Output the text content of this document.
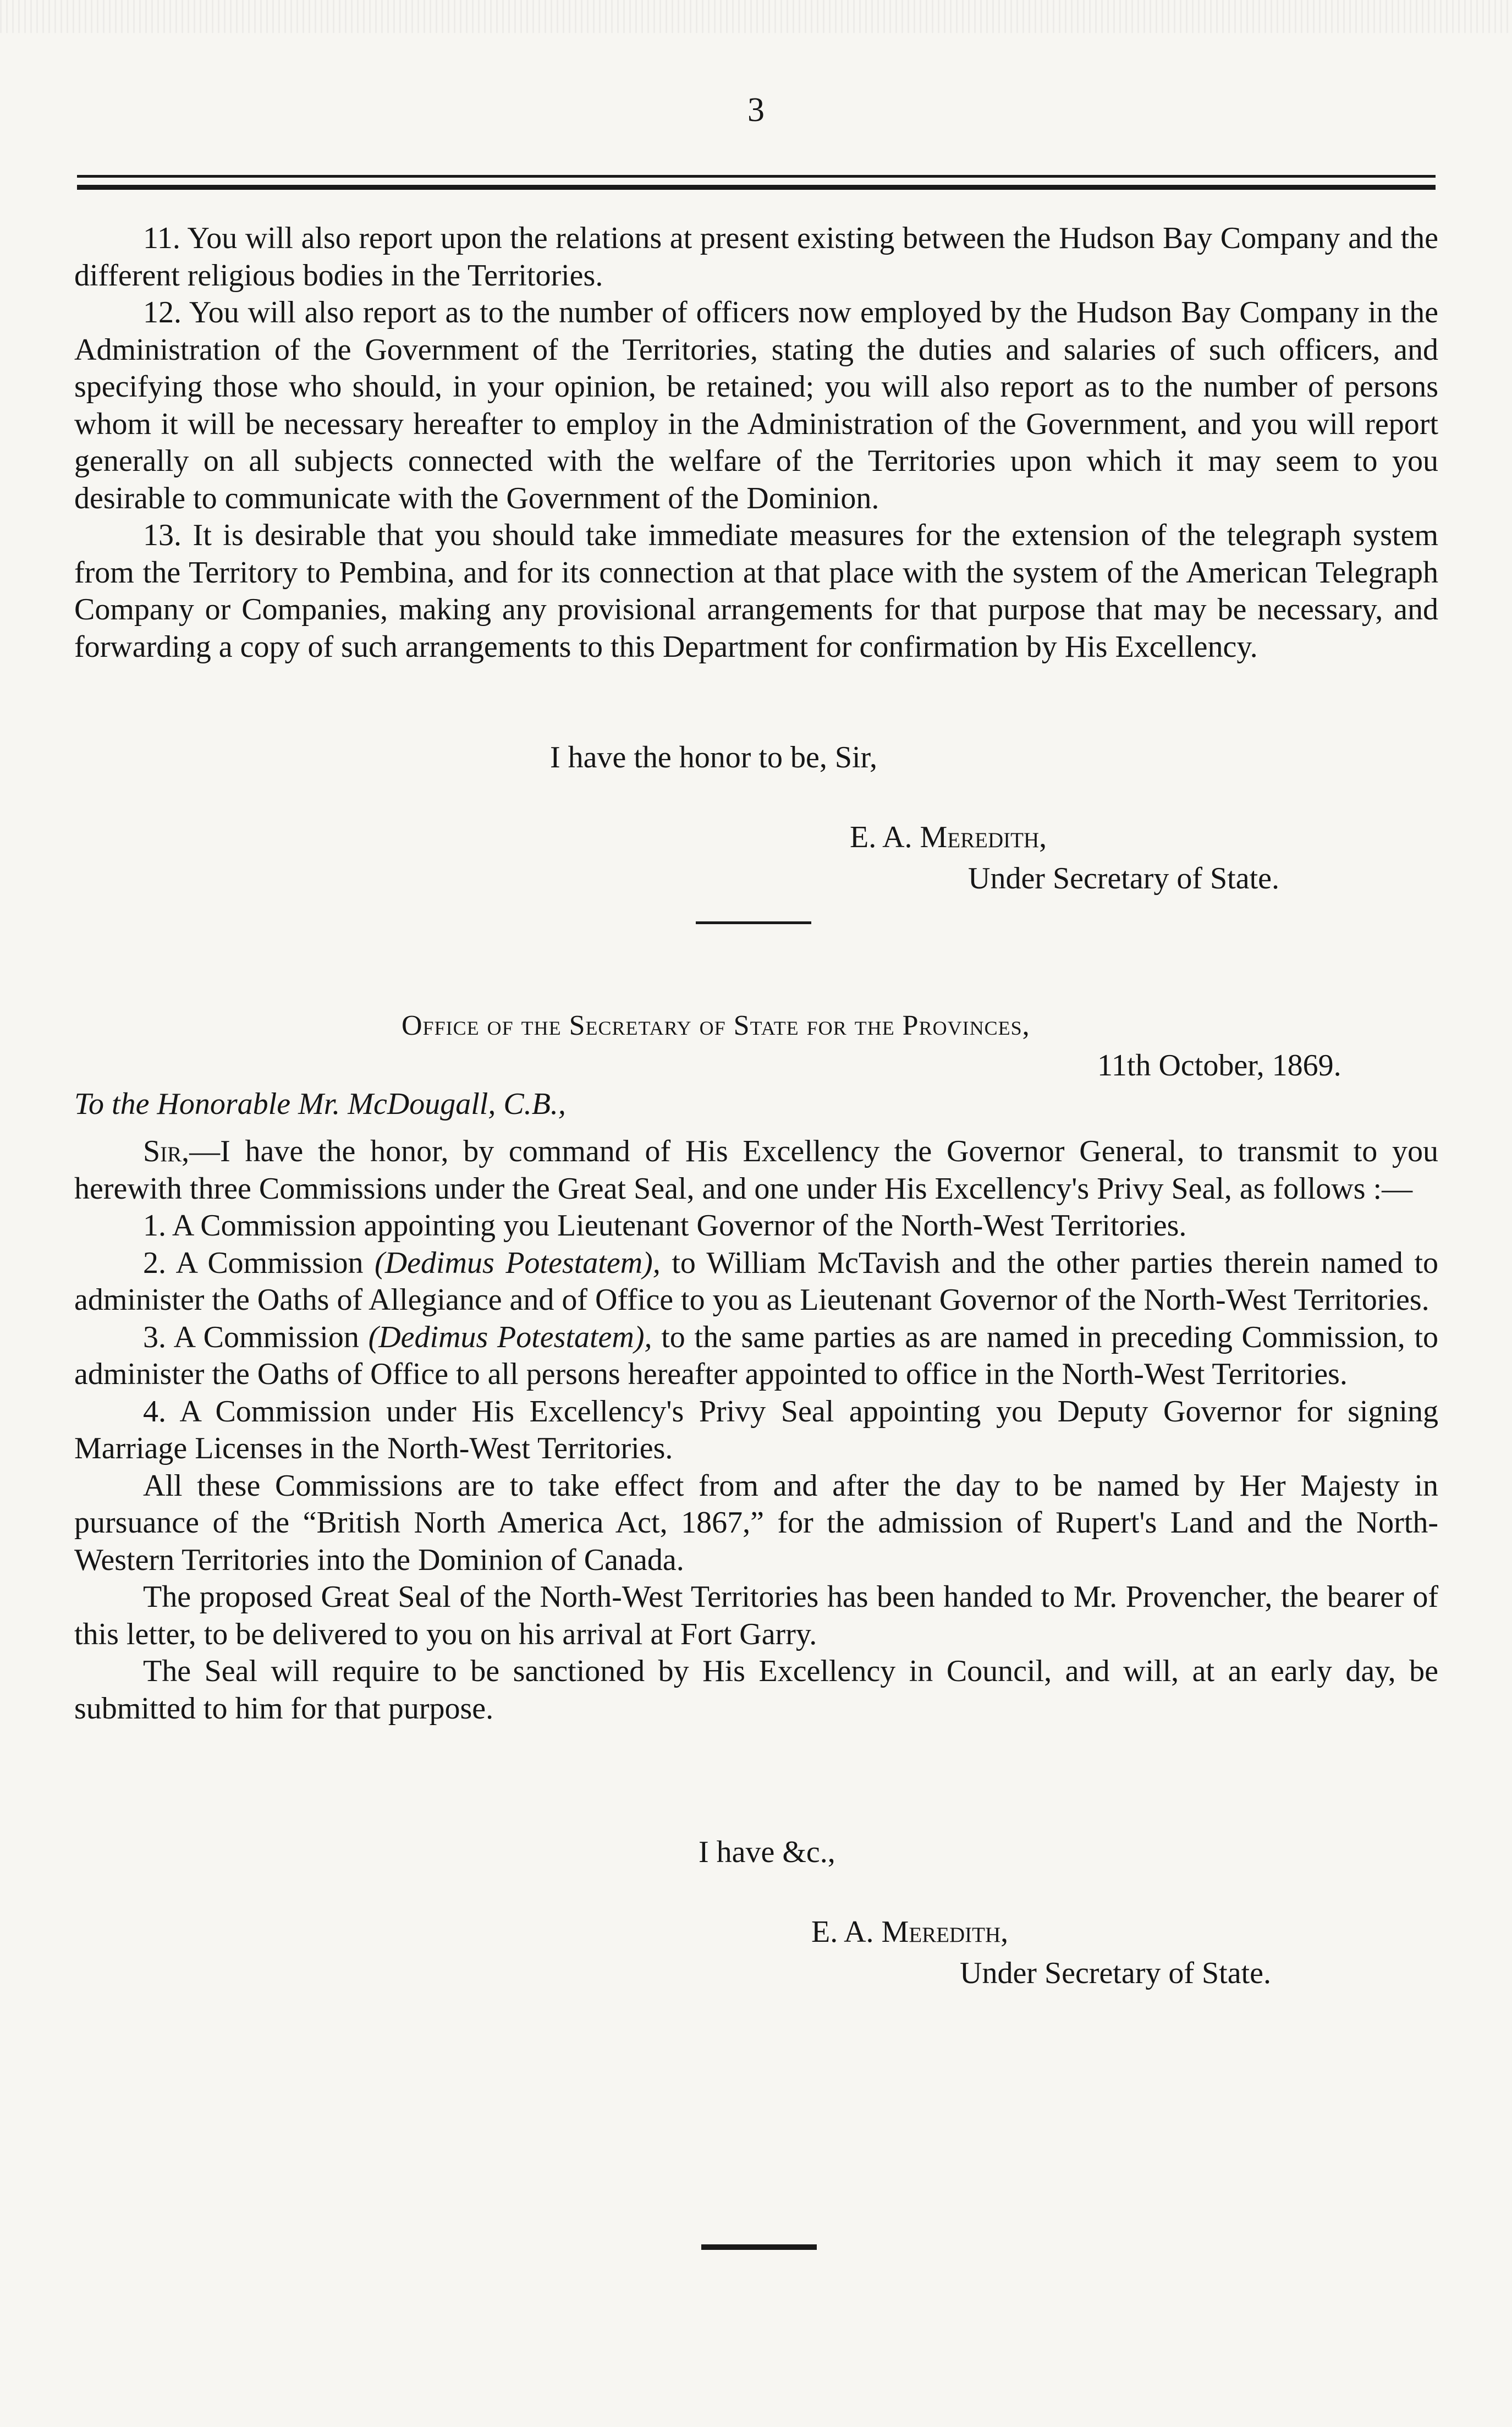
3

11. You will also report upon the relations at present existing between the Hudson Bay Company and the different religious bodies in the Territories.

12. You will also report as to the number of officers now employed by the Hudson Bay Company in the Administration of the Government of the Territories, stating the duties and salaries of such officers, and specifying those who should, in your opinion, be retained; you will also report as to the number of persons whom it will be necessary hereafter to employ in the Administration of the Government, and you will report generally on all subjects connected with the welfare of the Territories upon which it may seem to you desirable to communicate with the Government of the Dominion.

13. It is desirable that you should take immediate measures for the extension of the telegraph system from the Territory to Pembina, and for its connection at that place with the system of the American Telegraph Company or Companies, making any provisional arrangements for that purpose that may be necessary, and forwarding a copy of such arrangements to this Department for confirmation by His Excellency.

I have the honor to be, Sir,
E. A. Meredith,
Under Secretary of State.
Office of the Secretary of State for the Provinces,
11th October, 1869.
To the Honorable Mr. McDougall, C.B.,

Sir,—I have the honor, by command of His Excellency the Governor General, to transmit to you herewith three Commissions under the Great Seal, and one under His Excellency's Privy Seal, as follows :—

1. A Commission appointing you Lieutenant Governor of the North-West Territories.

2. A Commission (Dedimus Potestatem), to William McTavish and the other parties therein named to administer the Oaths of Allegiance and of Office to you as Lieutenant Governor of the North-West Territories.

3. A Commission (Dedimus Potestatem), to the same parties as are named in preceding Commission, to administer the Oaths of Office to all persons hereafter appointed to office in the North-West Territories.

4. A Commission under His Excellency's Privy Seal appointing you Deputy Governor for signing Marriage Licenses in the North-West Territories.

All these Commissions are to take effect from and after the day to be named by Her Majesty in pursuance of the “British North America Act, 1867,” for the admission of Rupert's Land and the North-Western Territories into the Dominion of Canada.

The proposed Great Seal of the North-West Territories has been handed to Mr. Provencher, the bearer of this letter, to be delivered to you on his arrival at Fort Garry.

The Seal will require to be sanctioned by His Excellency in Council, and will, at an early day, be submitted to him for that purpose.

I have &c.,
E. A. Meredith,
Under Secretary of State.
